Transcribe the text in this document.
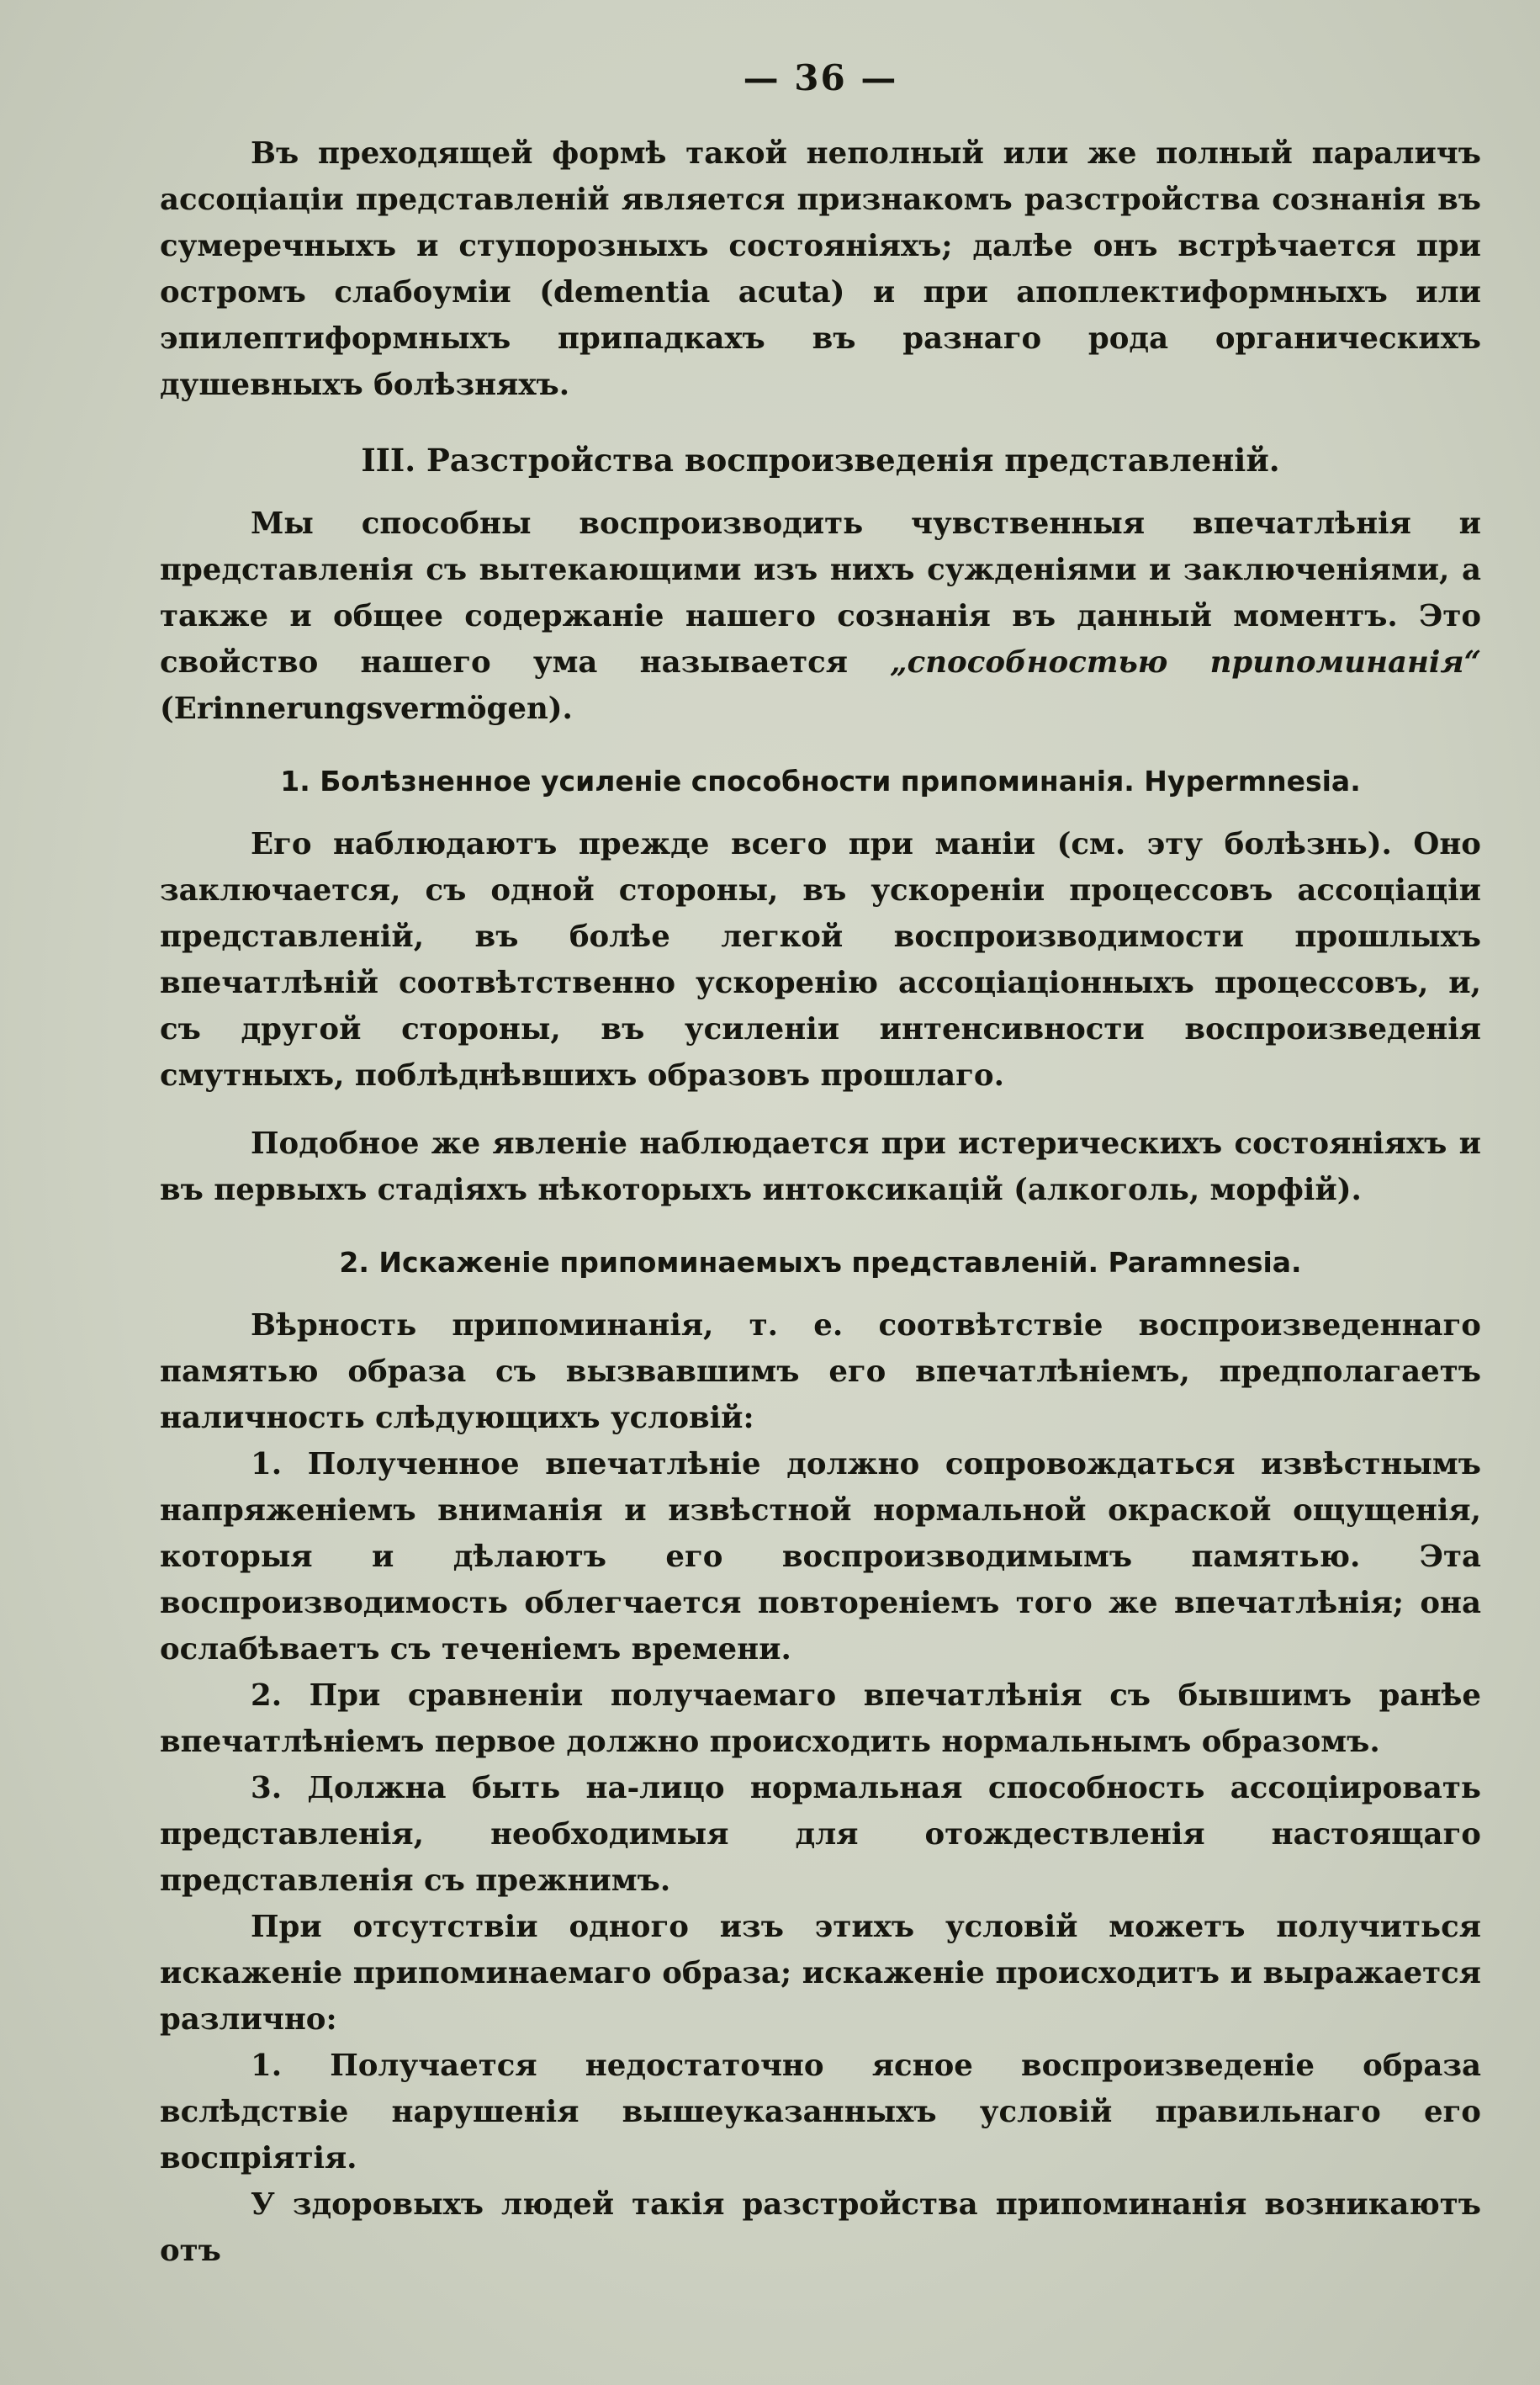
— 36 —

Въ преходящей формѣ такой неполный или же полный параличъ ассоціаціи представленій является признакомъ разстройства сознанія въ сумеречныхъ и ступорозныхъ состояніяхъ; далѣе онъ встрѣчается при остромъ слабоуміи (dementia acuta) и при апоплектиформныхъ или эпилептиформныхъ припадкахъ въ разнаго рода органическихъ душевныхъ болѣзняхъ.

III. Разстройства воспроизведенія представленій.

Мы способны воспроизводить чувственныя впечатлѣнія и представленія съ вытекающими изъ нихъ сужденіями и заключеніями, а также и общее содержаніе нашего сознанія въ данный моментъ. Это свойство нашего ума называется „способностью припоминанія“ (Erinnerungsvermögen).

1. Болѣзненное усиленіе способности припоминанія. Hypermnesia.

Его наблюдаютъ прежде всего при маніи (см. эту болѣзнь). Оно заключается, съ одной стороны, въ ускореніи процессовъ ассоціаціи представленій, въ болѣе легкой воспроизводимости прошлыхъ впечатлѣній соотвѣтственно ускоренію ассоціаціонныхъ процессовъ, и, съ другой стороны, въ усиленіи интенсивности воспроизведенія смутныхъ, поблѣднѣвшихъ образовъ прошлаго.

Подобное же явленіе наблюдается при истерическихъ состояніяхъ и въ первыхъ стадіяхъ нѣкоторыхъ интоксикацій (алкоголь, морфій).

2. Искаженіе припоминаемыхъ представленій. Paramnesia.

Вѣрность припоминанія, т. е. соотвѣтствіе воспроизведеннаго памятью образа съ вызвавшимъ его впечатлѣніемъ, предполагаетъ наличность слѣдующихъ условій:

1. Полученное впечатлѣніе должно сопровождаться извѣстнымъ напряженіемъ вниманія и извѣстной нормальной окраской ощущенія, которыя и дѣлаютъ его воспроизводимымъ памятью. Эта воспроизводимость облегчается повтореніемъ того же впечатлѣнія; она ослабѣваетъ съ теченіемъ времени.

2. При сравненіи получаемаго впечатлѣнія съ бывшимъ ранѣе впечатлѣніемъ первое должно происходить нормальнымъ образомъ.

3. Должна быть на-лицо нормальная способность ассоціировать представленія, необходимыя для отождествленія настоящаго представленія съ прежнимъ.

При отсутствіи одного изъ этихъ условій можетъ получиться искаженіе припоминаемаго образа; искаженіе происходитъ и выражается различно:

1. Получается недостаточно ясное воспроизведеніе образа вслѣдствіе нарушенія вышеуказанныхъ условій правильнаго его воспріятія.

У здоровыхъ людей такія разстройства припоминанія возникаютъ отъ
